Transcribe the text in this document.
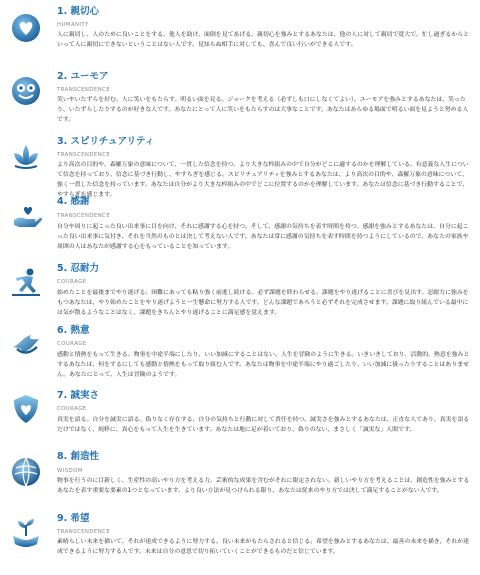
1. 親切心
HUMANITY

人に親切し、人のために良いことをする。他人を助け、面倒を見てあげる。親切心を強みとするあなたは、他の人に対して親切で寛大で、忙し過ぎるからといって人に親切にできないということはない人です。見知らぬ相手に対しても、喜んで良い行いができる人です。

2. ユーモア
TRANSCENDENCE

笑いやいたずらを好む。人に笑いをもたらす。明るい面を見る。ジョークを考える（必ずしも口にしなくてよい）。ユーモアを強みとするあなたは、笑ったり、いたずらしたりするのが好きな人です。あなたにとって人に笑いをもたらすのは大事なことです。あなたはあらゆる場面で明るい面を見ようと努める人です。

3. スピリチュアリティ
TRANSCENDENCE

より高次の目的や、森羅万象の意味について、一貫した信念を持つ。より大きな枠組みの中で自分がどこに適するのかを理解している。有意義な人生について信念を持っており、信念に基づき行動し、やすらぎを感じる。スピリチュアリティを強みとするあなたは、より高次の目的や、森羅万象の意味について、強く一貫した信念を持っています。あなたは自分がより大きな枠組みの中でどこに位置するのかを理解しています。あなたは信念に基づき行動することで、やすらぎを感じます。

4. 感謝
TRANSCENDENCE

自分や周りに起こった良い出来事に目を向け、それに感謝する心を持つ。そして、感謝の気持ちを表す時間を持つ。感謝を強みとするあなたは、自分に起こった良い出来事に気付き、それを当然のものとは決して考えない人です。あなたは常に感謝の気持ちを表す時間を持つようにしているので、あなたの家族や周囲の人はあなたが感謝する心をもっていることを知っています。

5. 忍耐力
COURAGE

始めたことを最後までやり遂げる。困難にあっても粘り強く前進し続ける。必ず課題を終わらせる。課題をやり遂げることに喜びを見出す。忍耐力に強みをもつあなたは、やり始めたことをやり遂げようと一生懸命に努力する人です。どんな課題であろうと必ずそれを完成させます。課題に取り組んでいる最中には気が散るようなことはなく、課題をきちんとやり遂げることに満足感を覚えます。

6. 熱意
COURAGE

感動と情熱をもって生きる。物事を中途半端にしたり、いい加減にすることはない。人生を冒険のように生きる。いきいきしており、活動的。熱意を強みとするあなたは、何をするにしても感動と情熱をもって取り組む人です。あなたは物事を中途半端にやり過ごしたり、いい加減に扱ったりすることはありません。あなたにとって、人生は冒険のようです。

7. 誠実さ
COURAGE

真実を語る。自分を誠実に語る。偽りなく存在する。自分の気持ちと行動に対して責任を持つ。誠実さを強みとするあなたは、正直な人であり、真実を語るだけではなく、純粋に、真心をもって人生を生きています。あなたは地に足が着いており、偽りのない、まさしく「誠実な」人間です。

8. 創造性
WISDOM

物事を行うのに目新しく、生産性の高いやり方を考える力。芸術的な成果を含むがそれに限定されない。新しいやり方を考えることは、創造性を強みとするあなたを表す重要な要素の1つとなっています。より良い方法が見つけられる限り、あなたは従来のやり方では決して満足することがない人です。

9. 希望
TRANSCENDENCE

素晴らしい未来を描いて、それが達成できるように努力する。良い未来がもたらされると信じる。希望を強みとするあなたは、最善の未来を描き、それが達成できるように努力する人です。未来は自分の意思で切り拓いていくことができるものだと信じています。
